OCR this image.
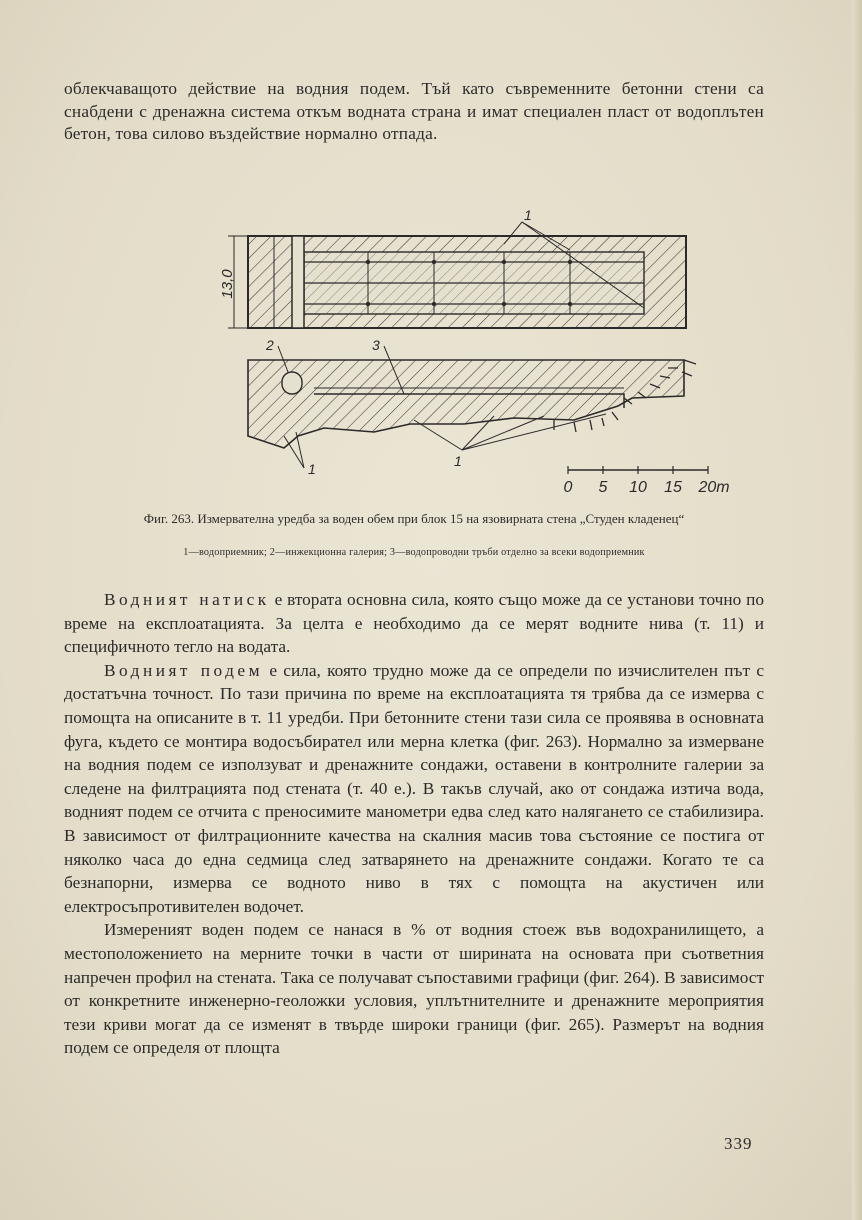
облекчаващото действие на водния подем. Тъй като съвременните бетонни стени са снабдени с дренажна система откъм водната страна и имат специален пласт от водоплътен бетон, това силово въздействие нормално отпада.

13,0
1
2	3
1
1
0 5 10 15 20m

Фиг. 263. Измервателна уредба за воден обем при блок 15 на язовирната стена „Студен кладенец“

1—водоприемник; 2—инжекционна галерия; 3—водопроводни тръби отделно за всеки водоприемник

Водният натиск е втората основна сила, която също може да се установи точно по време на експлоатацията. За целта е необходимо да се мерят водните нива (т. 11) и специфичното тегло на водата.

Водният подем е сила, която трудно може да се определи по изчислителен път с достатъчна точност. По тази причина по време на експлоатацията тя трябва да се измерва с помощта на описаните в т. 11 уредби. При бетонните стени тази сила се проявява в основната фуга, където се монтира водосъбирател или мерна клетка (фиг. 263). Нормално за измерване на водния подем се използуват и дренажните сондажи, оставени в контролните галерии за следене на филтрацията под стената (т. 40 е.). В такъв случай, ако от сондажа изтича вода, водният подем се отчита с преносимите манометри едва след като налягането се стабилизира. В зависимост от филтрационните качества на скалния масив това състояние се постига от няколко часа до една седмица след затварянето на дренажните сондажи. Когато те са безнапорни, измерва се водното ниво в тях с помощта на акустичен или електросъпротивителен водочет.

Измереният воден подем се нанася в % от водния стоеж във водохранилището, а местоположението на мерните точки в части от ширината на основата при съответния напречен профил на стената. Така се получават съпоставими графици (фиг. 264). В зависимост от конкретните инженерно-геоложки условия, уплътнителните и дренажните мероприятия тези криви могат да се изменят в твърде широки граници (фиг. 265). Размерът на водния подем се определя от площта

339
